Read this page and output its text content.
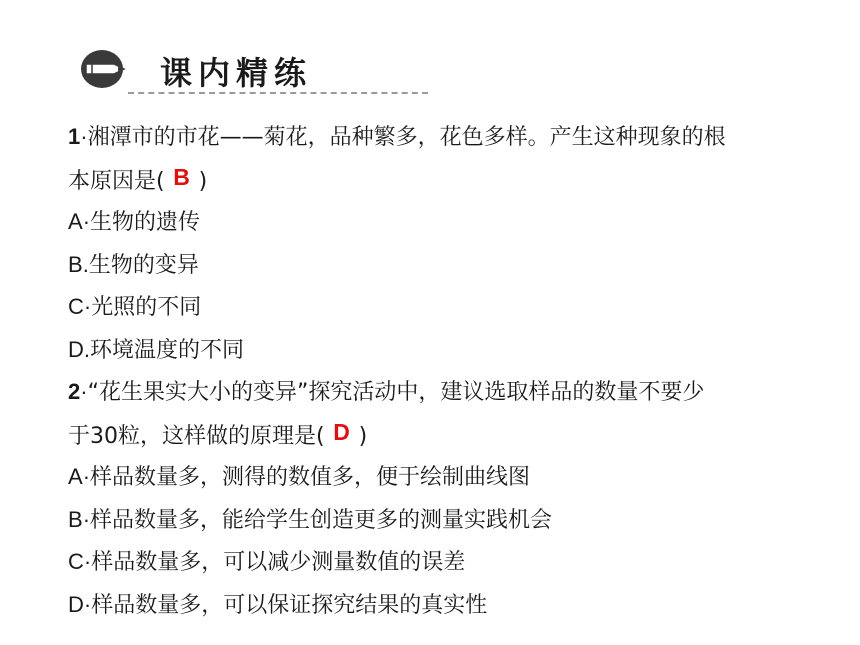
课内精练
1·湘潭市的市花——菊花，品种繁多，花色多样。产生这种现象的根
本原因是( B )
A·生物的遗传
B.生物的变异
C·光照的不同
D.环境温度的不同
2·“花生果实大小的变异”探究活动中，建议选取样品的数量不要少
于30粒，这样做的原理是( D )
A·样品数量多，测得的数值多，便于绘制曲线图
B·样品数量多，能给学生创造更多的测量实践机会
C·样品数量多，可以减少测量数值的误差
D·样品数量多，可以保证探究结果的真实性
